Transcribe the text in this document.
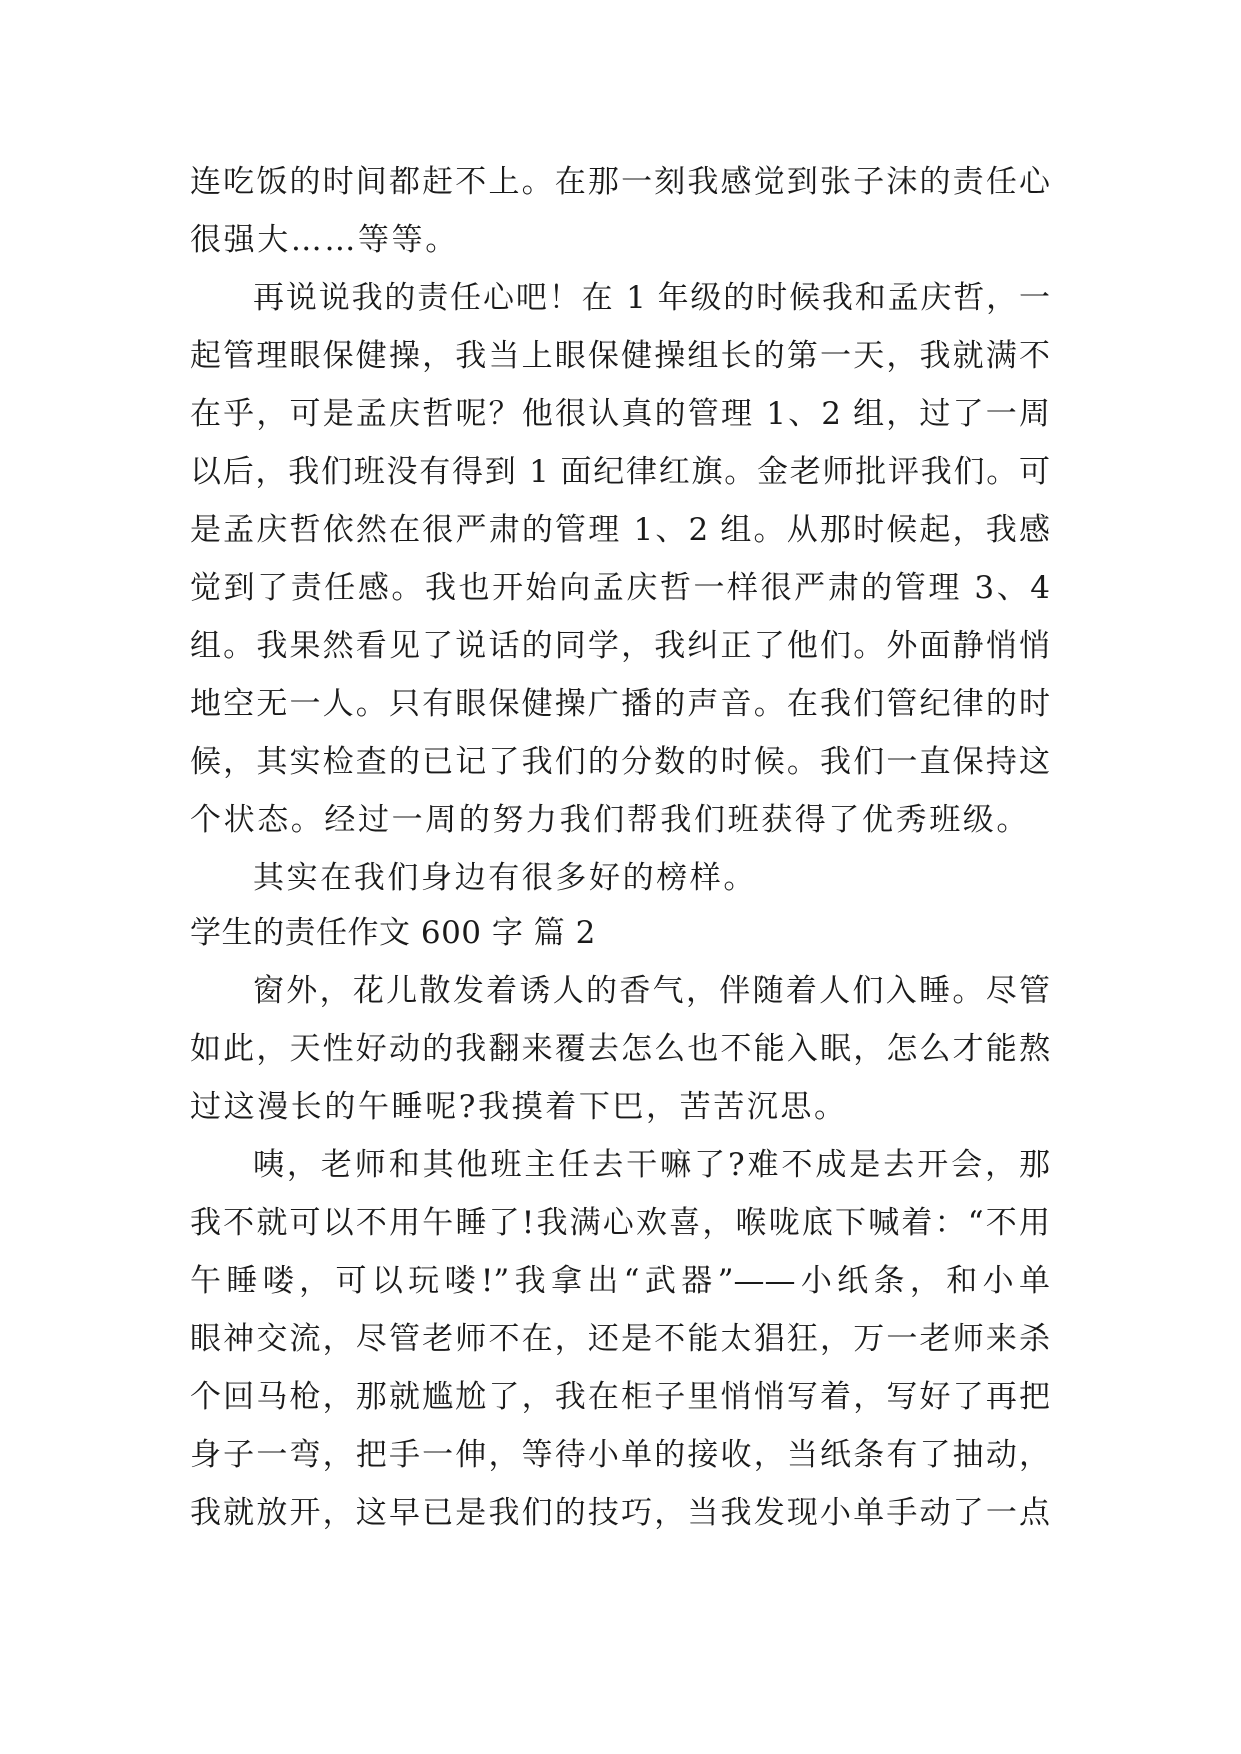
连吃饭的时间都赶不上。在那一刻我感觉到张子沫的责任心
很强大……等等。
再说说我的责任心吧！在 1 年级的时候我和孟庆哲，一
起管理眼保健操，我当上眼保健操组长的第一天，我就满不
在乎，可是孟庆哲呢？他很认真的管理 1、2 组，过了一周
以后，我们班没有得到 1 面纪律红旗。金老师批评我们。可
是孟庆哲依然在很严肃的管理 1、2 组。从那时候起，我感
觉到了责任感。我也开始向孟庆哲一样很严肃的管理 3、4
组。我果然看见了说话的同学，我纠正了他们。外面静悄悄
地空无一人。只有眼保健操广播的声音。在我们管纪律的时
候，其实检查的已记了我们的分数的时候。我们一直保持这
个状态。经过一周的努力我们帮我们班获得了优秀班级。
其实在我们身边有很多好的榜样。
学生的责任作文 600 字 篇 2
窗外，花儿散发着诱人的香气，伴随着人们入睡。尽管
如此，天性好动的我翻来覆去怎么也不能入眠，怎么才能熬
过这漫长的午睡呢?我摸着下巴，苦苦沉思。
咦，老师和其他班主任去干嘛了?难不成是去开会，那
我不就可以不用午睡了!我满心欢喜，喉咙底下喊着：“不用
午睡喽，可以玩喽!”我拿出“武器”——小纸条，和小单
眼神交流，尽管老师不在，还是不能太猖狂，万一老师来杀
个回马枪，那就尴尬了，我在柜子里悄悄写着，写好了再把
身子一弯，把手一伸，等待小单的接收，当纸条有了抽动，
我就放开，这早已是我们的技巧，当我发现小单手动了一点
